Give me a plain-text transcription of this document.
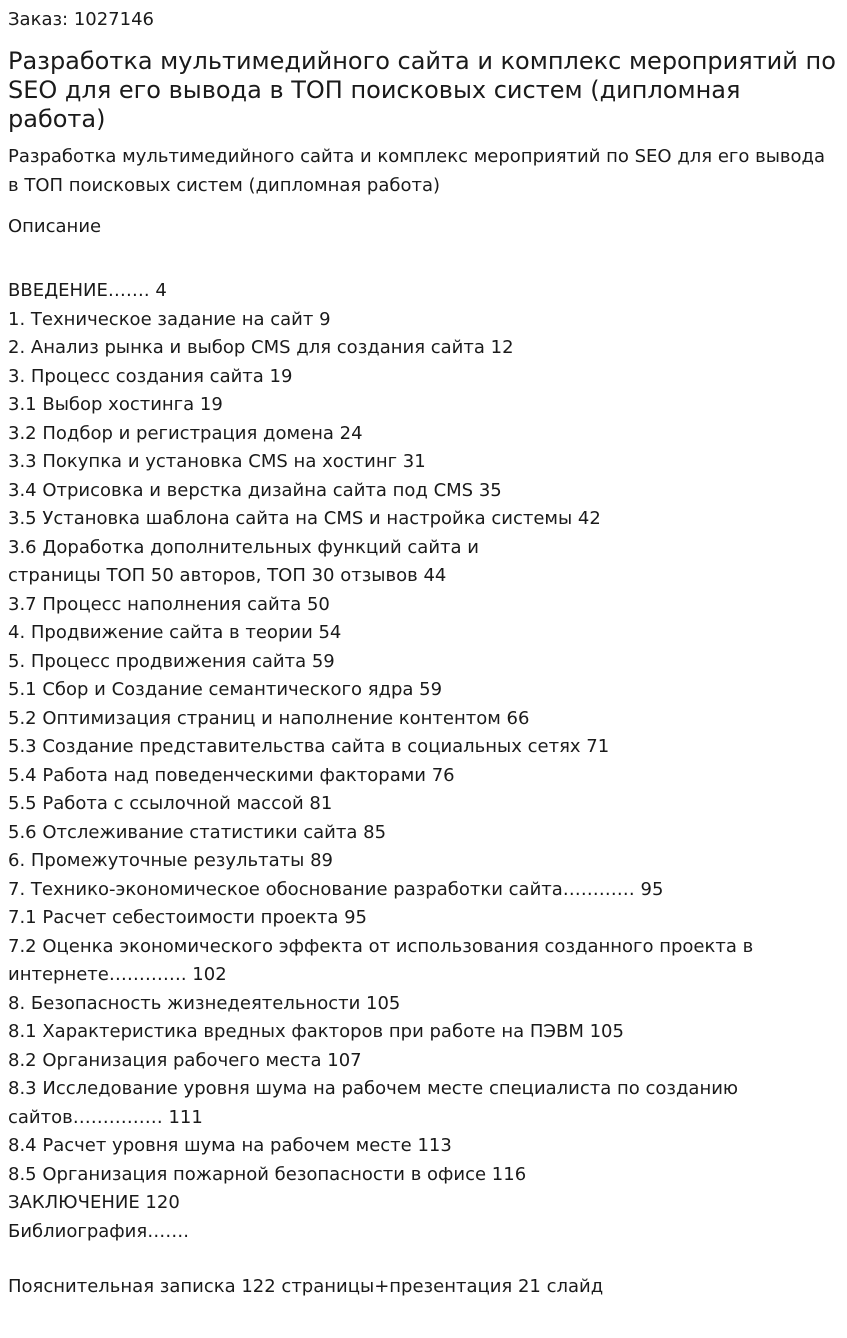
Заказ: 1027146
Разработка мультимедийного сайта и комплекс мероприятий по SEO для его вывода в ТОП поисковых систем (дипломная работа)
Разработка мультимедийного сайта и комплекс мероприятий по SEO для его вывода в ТОП поисковых систем (дипломная работа)
Описание
ВВЕДЕНИЕ……. 4
1. Техническое задание на сайт 9
2. Анализ рынка и выбор CMS для создания сайта 12
3. Процесс создания сайта 19
3.1 Выбор хостинга 19
3.2 Подбор и регистрация домена 24
3.3 Покупка и установка CMS на хостинг 31
3.4 Отрисовка и верстка дизайна сайта под CMS 35
3.5 Установка шаблона сайта на CMS и настройка системы 42
3.6 Доработка дополнительных функций сайта и
страницы ТОП 50 авторов, ТОП 30 отзывов 44
3.7 Процесс наполнения сайта 50
4. Продвижение сайта в теории 54
5. Процесс продвижения сайта 59
5.1 Сбор и Создание семантического ядра 59
5.2 Оптимизация страниц и наполнение контентом 66
5.3 Создание представительства сайта в социальных сетях 71
5.4 Работа над поведенческими факторами 76
5.5 Работа с ссылочной массой 81
5.6 Отслеживание статистики сайта 85
6. Промежуточные результаты 89
7. Технико-экономическое обоснование разработки сайта………… 95
7.1 Расчет себестоимости проекта 95
7.2 Оценка экономического эффекта от использования созданного проекта в
интернете…………. 102
8. Безопасность жизнедеятельности 105
8.1 Характеристика вредных факторов при работе на ПЭВМ 105
8.2 Организация рабочего места 107
8.3 Исследование уровня шума на рабочем месте специалиста по созданию
сайтов…………… 111
8.4 Расчет уровня шума на рабочем месте 113
8.5 Организация пожарной безопасности в офисе 116
ЗАКЛЮЧЕНИЕ 120
Библиография…….
Пояснительная записка 122 страницы+презентация 21 слайд
